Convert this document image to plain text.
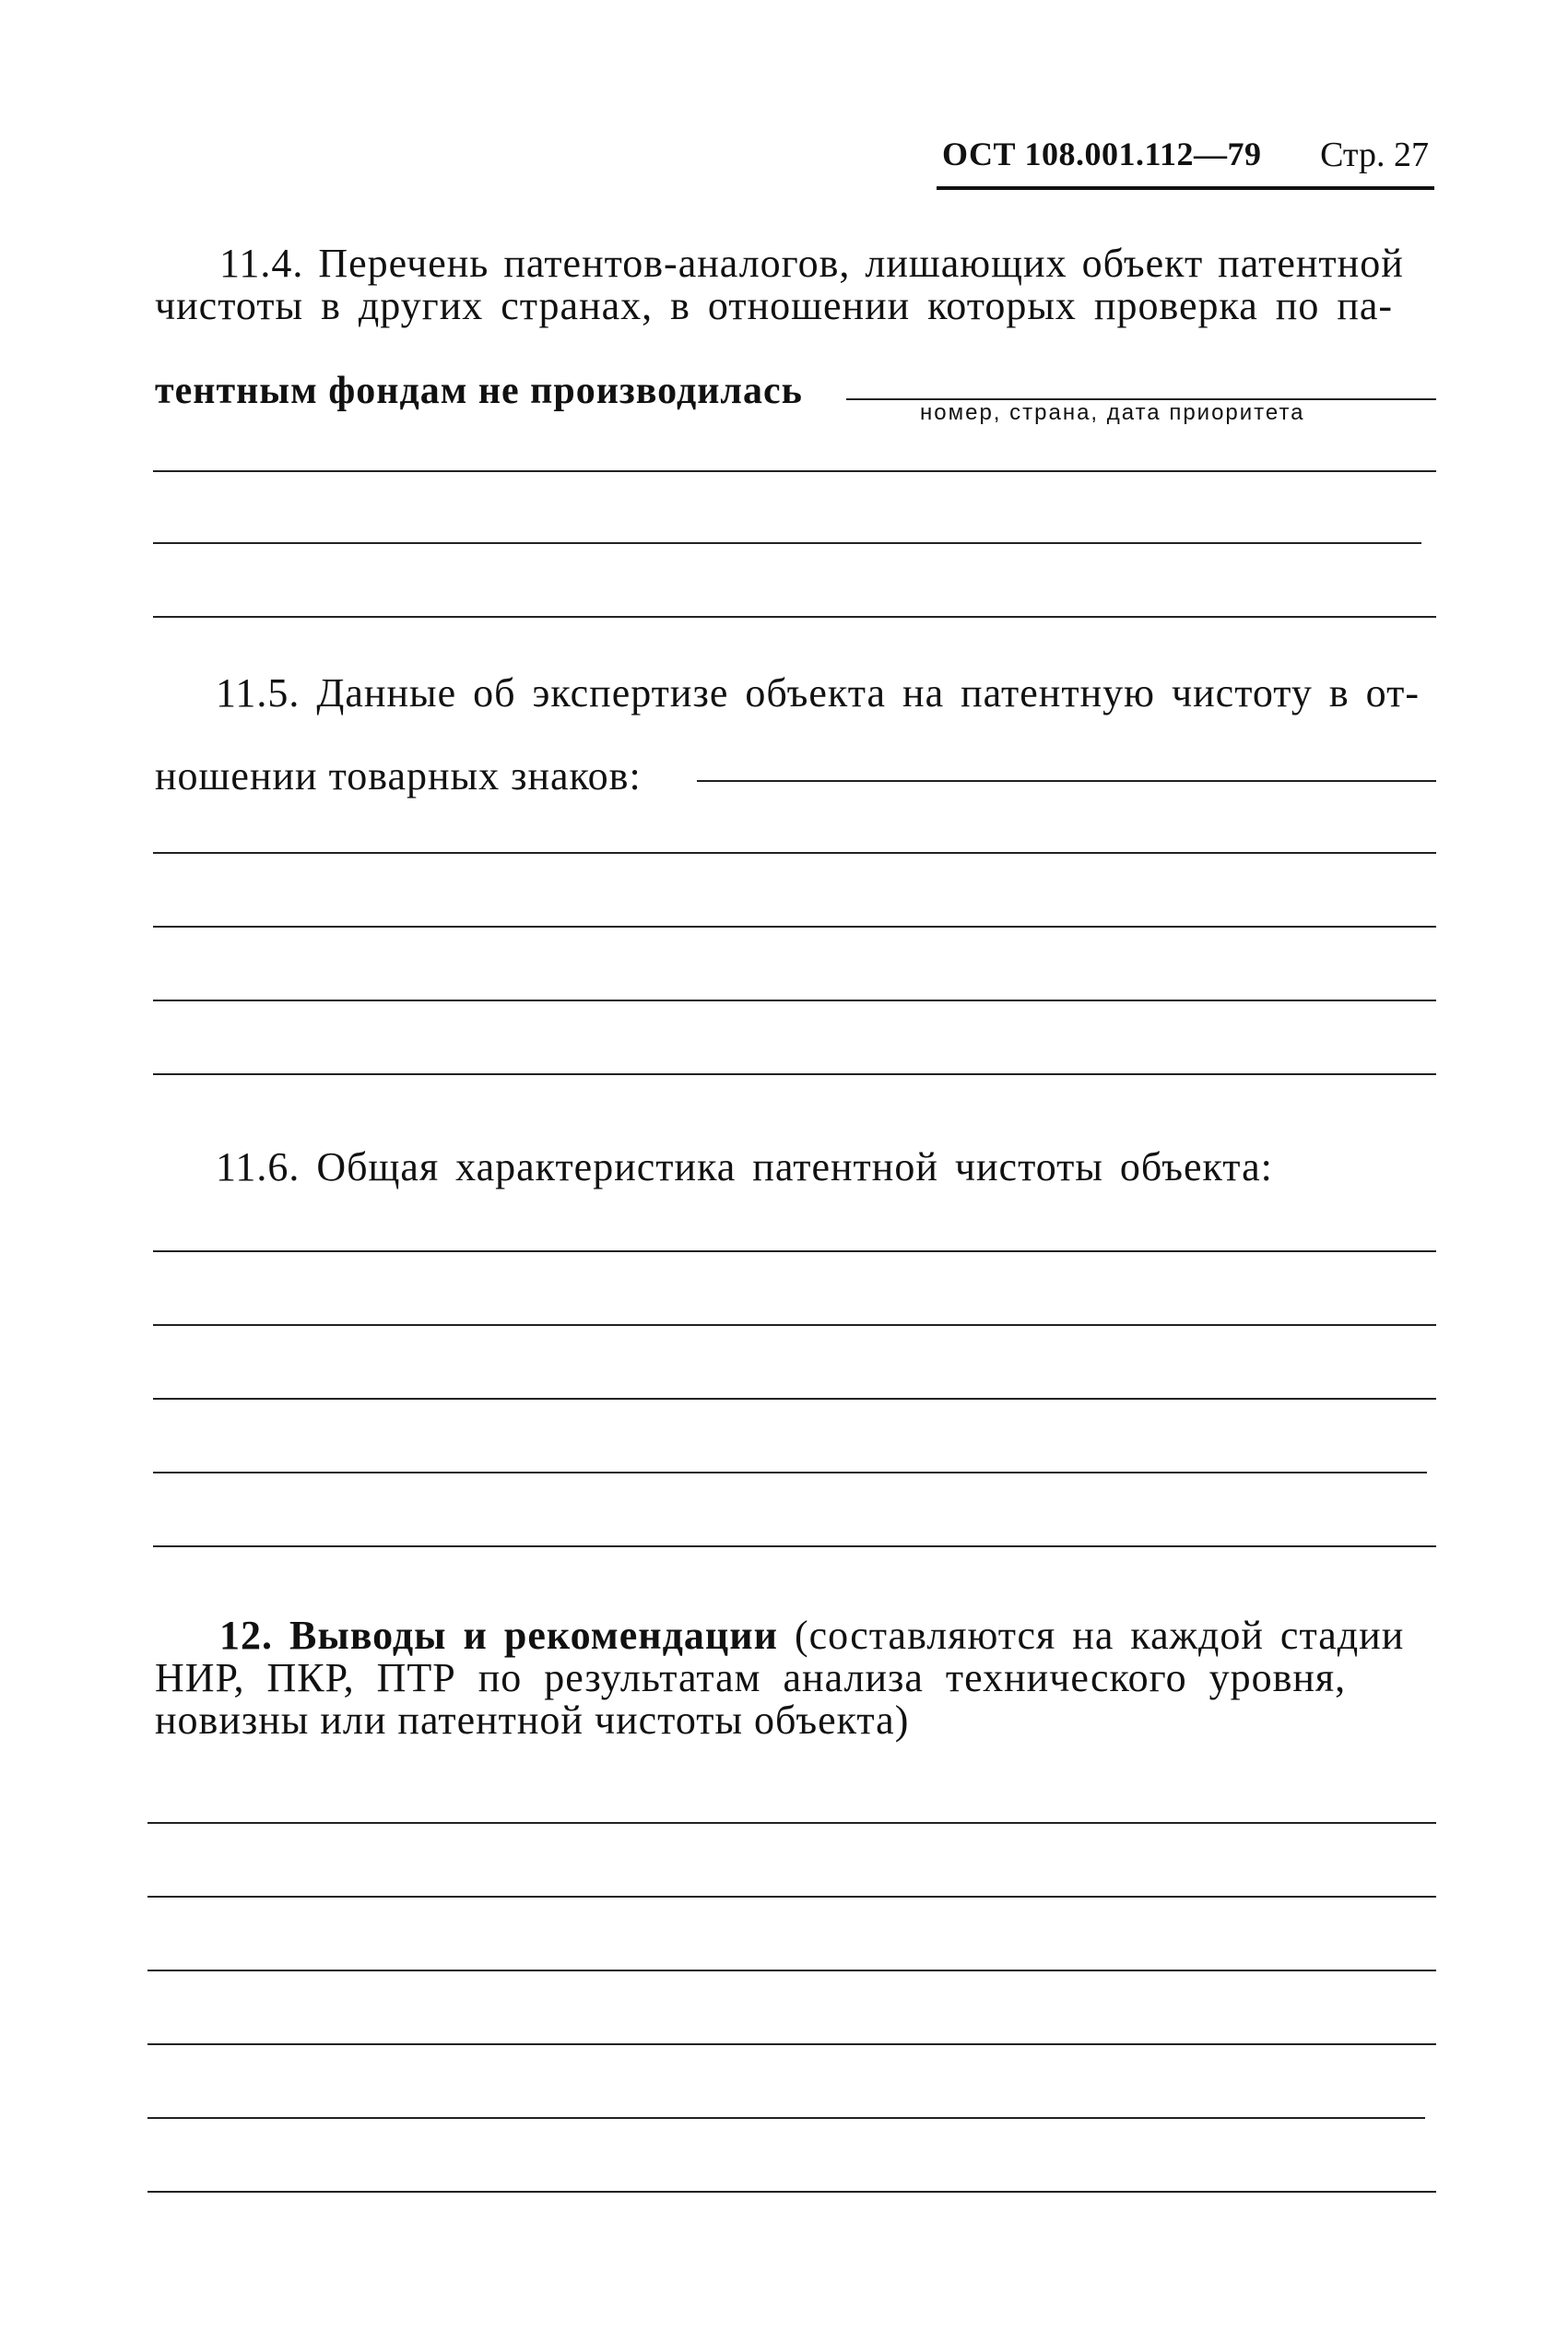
ОСТ 108.001.112—79 Стр. 27
11.4. Перечень патентов-аналогов, лишающих объект патентной
чистоты в других странах, в отношении которых проверка по па-
тентным фондам не производилась
номер, страна, дата приоритета
11.5. Данные об экспертизе объекта на патентную чистоту в от-
ношении товарных знаков:
11.6. Общая характеристика патентной чистоты объекта:
12. Выводы и рекомендации (составляются на каждой стадии
НИР, ПКР, ПТР по результатам анализа технического уровня,
новизны или патентной чистоты объекта)
